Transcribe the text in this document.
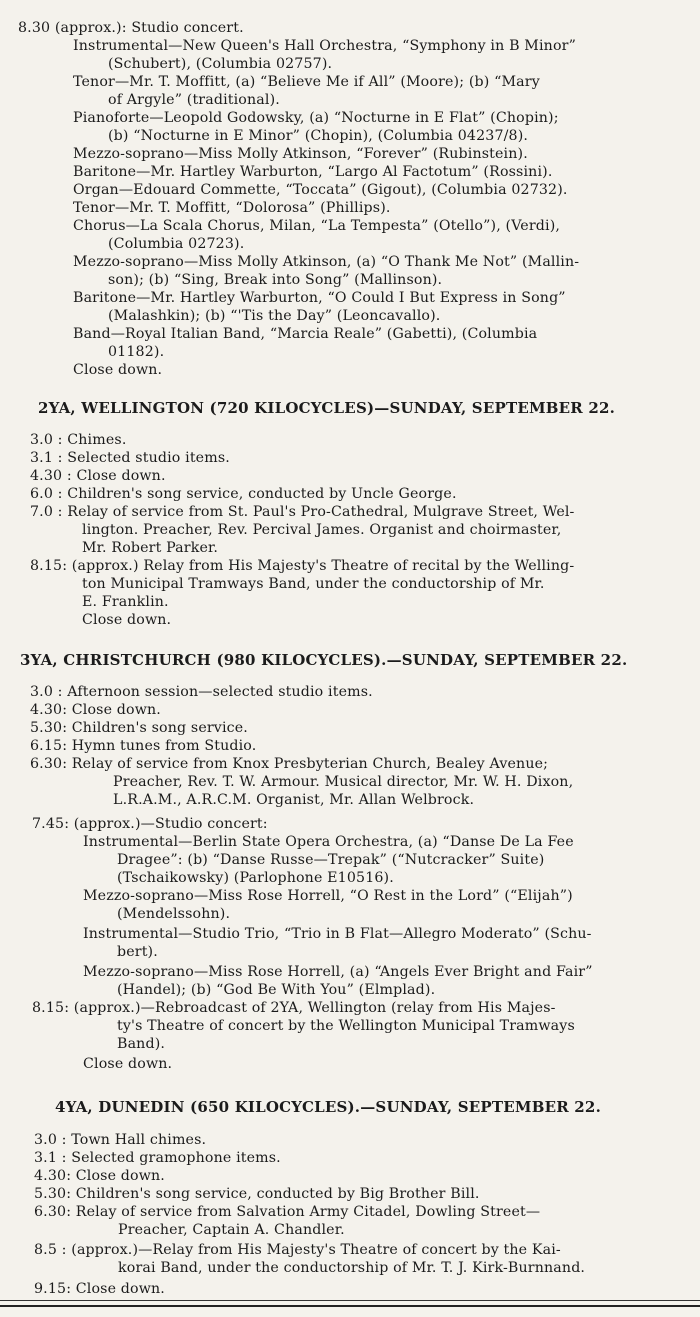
8.30 (approx.): Studio concert.
Instrumental—New Queen's Hall Orchestra, “Symphony in B Minor”
(Schubert), (Columbia 02757).
Tenor—Mr. T. Moffitt, (a) “Believe Me if All” (Moore); (b) “Mary
of Argyle” (traditional).
Pianoforte—Leopold Godowsky, (a) “Nocturne in E Flat” (Chopin);
(b) “Nocturne in E Minor” (Chopin), (Columbia 04237/8).
Mezzo-soprano—Miss Molly Atkinson, “Forever” (Rubinstein).
Baritone—Mr. Hartley Warburton, “Largo Al Factotum” (Rossini).
Organ—Edouard Commette, “Toccata” (Gigout), (Columbia 02732).
Tenor—Mr. T. Moffitt, “Dolorosa” (Phillips).
Chorus—La Scala Chorus, Milan, “La Tempesta” (Otello”), (Verdi),
(Columbia 02723).
Mezzo-soprano—Miss Molly Atkinson, (a) “O Thank Me Not” (Mallin-
son); (b) “Sing, Break into Song” (Mallinson).
Baritone—Mr. Hartley Warburton, “O Could I But Express in Song”
(Malashkin); (b) “'Tis the Day” (Leoncavallo).
Band—Royal Italian Band, “Marcia Reale” (Gabetti), (Columbia
01182).
Close down.
2YA, WELLINGTON (720 KILOCYCLES)—SUNDAY, SEPTEMBER 22.
3.0 : Chimes.
3.1 : Selected studio items.
4.30 : Close down.
6.0 : Children's song service, conducted by Uncle George.
7.0 : Relay of service from St. Paul's Pro-Cathedral, Mulgrave Street, Wel-
lington. Preacher, Rev. Percival James. Organist and choirmaster,
Mr. Robert Parker.
8.15: (approx.) Relay from His Majesty's Theatre of recital by the Welling-
ton Municipal Tramways Band, under the conductorship of Mr.
E. Franklin.
Close down.
3YA, CHRISTCHURCH (980 KILOCYCLES).—SUNDAY, SEPTEMBER 22.
3.0 : Afternoon session—selected studio items.
4.30: Close down.
5.30: Children's song service.
6.15: Hymn tunes from Studio.
6.30: Relay of service from Knox Presbyterian Church, Bealey Avenue;
Preacher, Rev. T. W. Armour. Musical director, Mr. W. H. Dixon,
L.R.A.M., A.R.C.M. Organist, Mr. Allan Welbrock.
7.45: (approx.)—Studio concert:
Instrumental—Berlin State Opera Orchestra, (a) “Danse De La Fee
Dragee”: (b) “Danse Russe—Trepak” (“Nutcracker” Suite)
(Tschaikowsky) (Parlophone E10516).
Mezzo-soprano—Miss Rose Horrell, “O Rest in the Lord” (“Elijah”)
(Mendelssohn).
Instrumental—Studio Trio, “Trio in B Flat—Allegro Moderato” (Schu-
bert).
Mezzo-soprano—Miss Rose Horrell, (a) “Angels Ever Bright and Fair”
(Handel); (b) “God Be With You” (Elmplad).
8.15: (approx.)—Rebroadcast of 2YA, Wellington (relay from His Majes-
ty's Theatre of concert by the Wellington Municipal Tramways
Band).
Close down.
4YA, DUNEDIN (650 KILOCYCLES).—SUNDAY, SEPTEMBER 22.
3.0 : Town Hall chimes.
3.1 : Selected gramophone items.
4.30: Close down.
5.30: Children's song service, conducted by Big Brother Bill.
6.30: Relay of service from Salvation Army Citadel, Dowling Street—
Preacher, Captain A. Chandler.
8.5 : (approx.)—Relay from His Majesty's Theatre of concert by the Kai-
korai Band, under the conductorship of Mr. T. J. Kirk-Burnnand.
9.15: Close down.
